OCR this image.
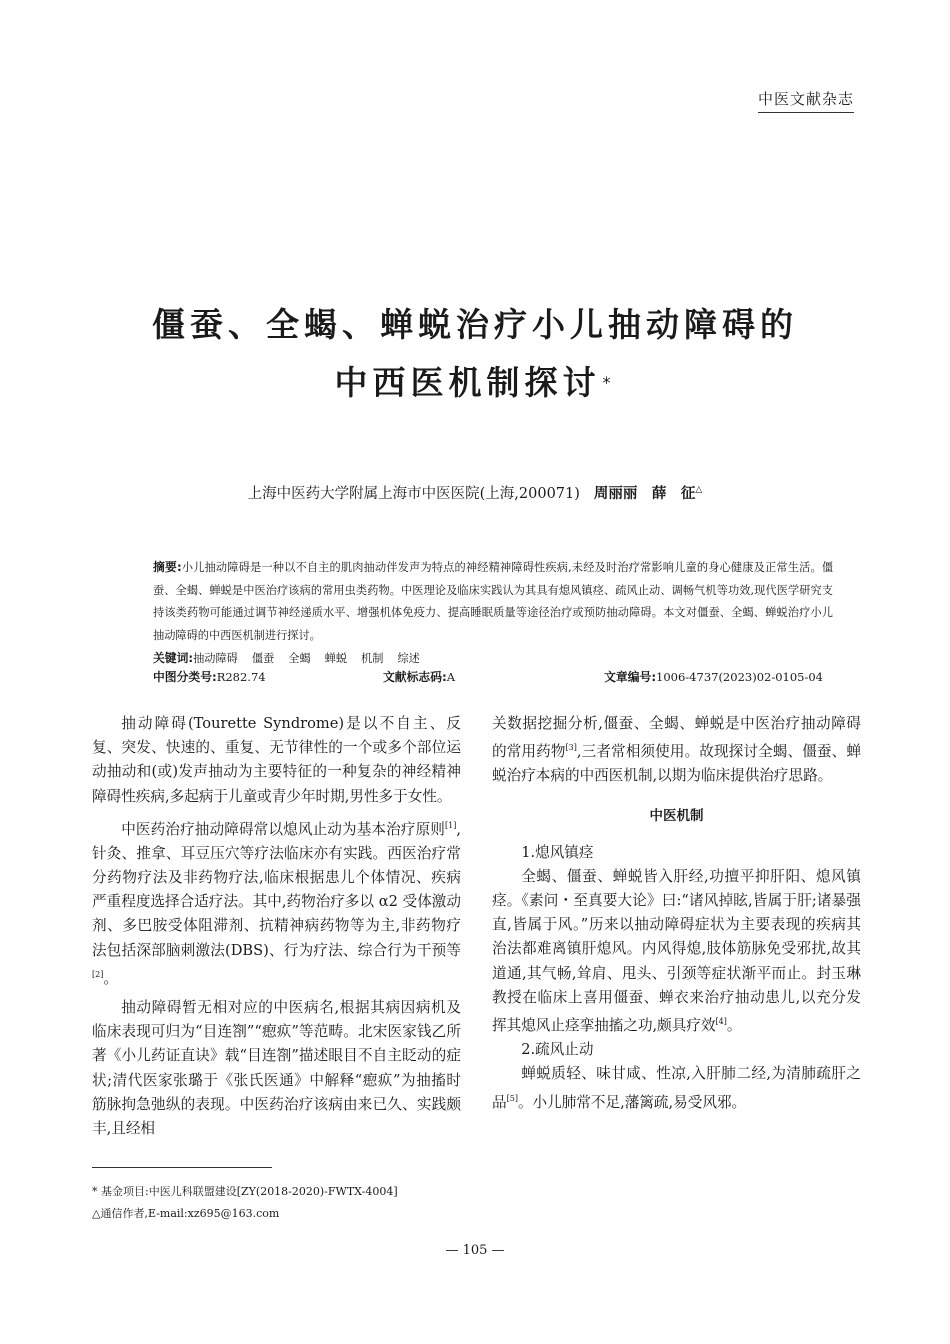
中医文献杂志
僵蚕、全蝎、蝉蜕治疗小儿抽动障碍的
中西医机制探讨 *
上海中医药大学附属上海市中医医院(上海,200071) 周丽丽　薛　征△
摘要:小儿抽动障碍是一种以不自主的肌肉抽动伴发声为特点的神经精神障碍性疾病,未经及时治疗常影响儿童的身心健康及正常生活。僵蚕、全蝎、蝉蜕是中医治疗该病的常用虫类药物。中医理论及临床实践认为其具有熄风镇痉、疏风止动、调畅气机等功效,现代医学研究支持该类药物可能通过调节神经递质水平、增强机体免疫力、提高睡眠质量等途径治疗或预防抽动障碍。本文对僵蚕、全蝎、蝉蜕治疗小儿抽动障碍的中西医机制进行探讨。
关键词:抽动障碍 僵蚕 全蝎 蝉蜕 机制 综述
中图分类号:R282.74	文献标志码:A	文章编号:1006-4737(2023)02-0105-04

抽动障碍(Tourette Syndrome)是以不自主、反复、突发、快速的、重复、无节律性的一个或多个部位运动抽动和(或)发声抽动为主要特征的一种复杂的神经精神障碍性疾病,多起病于儿童或青少年时期,男性多于女性。

中医药治疗抽动障碍常以熄风止动为基本治疗原则[1],针灸、推拿、耳豆压穴等疗法临床亦有实践。西医治疗常分药物疗法及非药物疗法,临床根据患儿个体情况、疾病严重程度选择合适疗法。其中,药物治疗多以 α2 受体激动剂、多巴胺受体阻滞剂、抗精神病药物等为主,非药物疗法包括深部脑刺激法(DBS)、行为疗法、综合行为干预等[2]。

抽动障碍暂无相对应的中医病名,根据其病因病机及临床表现可归为“目连劄”“瘛疭”等范畴。北宋医家钱乙所著《小儿药证直诀》载“目连劄”描述眼目不自主眨动的症状;清代医家张璐于《张氏医通》中解释“瘛疭”为抽搐时筋脉拘急弛纵的表现。中医药治疗该病由来已久、实践颇丰,且经相

关数据挖掘分析,僵蚕、全蝎、蝉蜕是中医治疗抽动障碍的常用药物[3],三者常相须使用。故现探讨全蝎、僵蚕、蝉蜕治疗本病的中西医机制,以期为临床提供治疗思路。

中医机制

1.熄风镇痉

全蝎、僵蚕、蝉蜕皆入肝经,功擅平抑肝阳、熄风镇痉。《素问・至真要大论》曰:“诸风掉眩,皆属于肝;诸暴强直,皆属于风。”历来以抽动障碍症状为主要表现的疾病其治法都难离镇肝熄风。内风得熄,肢体筋脉免受邪扰,故其道通,其气畅,耸肩、甩头、引颈等症状渐平而止。封玉琳教授在临床上喜用僵蚕、蝉衣来治疗抽动患儿,以充分发挥其熄风止痉挛抽搐之功,颇具疗效[4]。

2.疏风止动

蝉蜕质轻、味甘咸、性凉,入肝肺二经,为清肺疏肝之品[5]。小儿肺常不足,藩篱疏,易受风邪。

* 基金项目:中医儿科联盟建设[ZY(2018-2020)-FWTX-4004]
△通信作者,E-mail:xz695@163.com
— 105 —
